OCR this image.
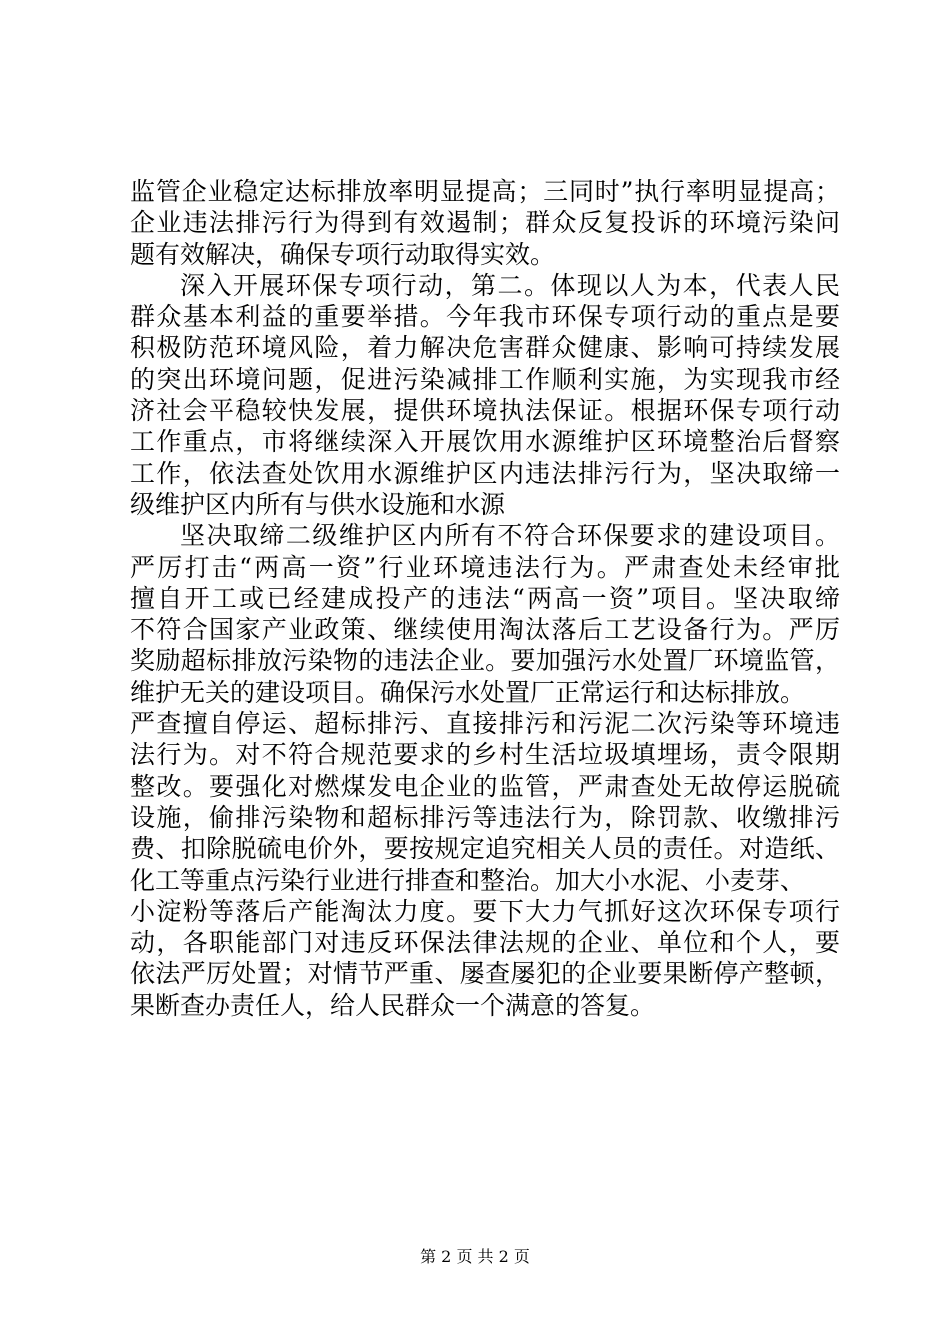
监管企业稳定达标排放率明显提高；三同时”执行率明显提高；
企业违法排污行为得到有效遏制；群众反复投诉的环境污染问
题有效解决，确保专项行动取得实效。
深入开展环保专项行动，第二。体现以人为本，代表人民
群众基本利益的重要举措。今年我市环保专项行动的重点是要
积极防范环境风险，着力解决危害群众健康、影响可持续发展
的突出环境问题，促进污染减排工作顺利实施，为实现我市经
济社会平稳较快发展，提供环境执法保证。根据环保专项行动
工作重点，市将继续深入开展饮用水源维护区环境整治后督察
工作，依法查处饮用水源维护区内违法排污行为，坚决取缔一
级维护区内所有与供水设施和水源
坚决取缔二级维护区内所有不符合环保要求的建设项目。
严厉打击“两高一资”行业环境违法行为。严肃查处未经审批
擅自开工或已经建成投产的违法“两高一资”项目。坚决取缔
不符合国家产业政策、继续使用淘汰落后工艺设备行为。严厉
奖励超标排放污染物的违法企业。要加强污水处置厂环境监管，
维护无关的建设项目。确保污水处置厂正常运行和达标排放。
严查擅自停运、超标排污、直接排污和污泥二次污染等环境违
法行为。对不符合规范要求的乡村生活垃圾填埋场，责令限期
整改。要强化对燃煤发电企业的监管，严肃查处无故停运脱硫
设施，偷排污染物和超标排污等违法行为，除罚款、收缴排污
费、扣除脱硫电价外，要按规定追究相关人员的责任。对造纸、
化工等重点污染行业进行排查和整治。加大小水泥、小麦芽、
小淀粉等落后产能淘汰力度。要下大力气抓好这次环保专项行
动，各职能部门对违反环保法律法规的企业、单位和个人，要
依法严厉处置；对情节严重、屡查屡犯的企业要果断停产整顿，
果断查办责任人，给人民群众一个满意的答复。
第 2 页 共 2 页
